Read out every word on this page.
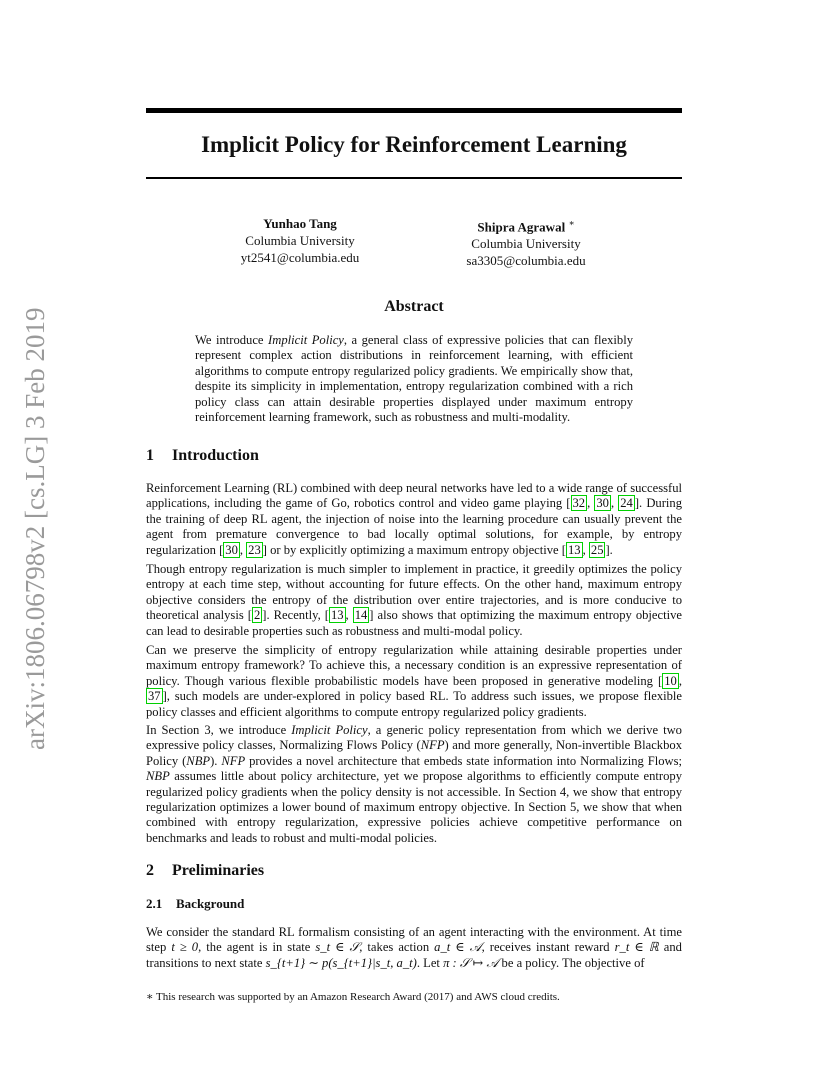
arXiv:1806.06798v2 [cs.LG] 3 Feb 2019
Implicit Policy for Reinforcement Learning
Yunhao Tang
Columbia University
yt2541@columbia.edu
Shipra Agrawal ∗
Columbia University
sa3305@columbia.edu
Abstract

We introduce Implicit Policy, a general class of expressive policies that can flexibly represent complex action distributions in reinforcement learning, with efficient algorithms to compute entropy regularized policy gradients. We empirically show that, despite its simplicity in implementation, entropy regularization combined with a rich policy class can attain desirable properties displayed under maximum entropy reinforcement learning framework, such as robustness and multi-modality.

1 Introduction

Reinforcement Learning (RL) combined with deep neural networks have led to a wide range of successful applications, including the game of Go, robotics control and video game playing [ 32 , 30 , 24 ]. During the training of deep RL agent, the injection of noise into the learning procedure can usually prevent the agent from premature convergence to bad locally optimal solutions, for example, by entropy regularization [ 30 , 23 ] or by explicitly optimizing a maximum entropy objective [ 13 , 25 ].

Though entropy regularization is much simpler to implement in practice, it greedily optimizes the policy entropy at each time step, without accounting for future effects. On the other hand, maximum entropy objective considers the entropy of the distribution over entire trajectories, and is more conducive to theoretical analysis [ 2 ]. Recently, [ 13 , 14 ] also shows that optimizing the maximum entropy objective can lead to desirable properties such as robustness and multi-modal policy.

Can we preserve the simplicity of entropy regularization while attaining desirable properties under maximum entropy framework? To achieve this, a necessary condition is an expressive representation of policy. Though various flexible probabilistic models have been proposed in generative modeling [ 10 , 37 ], such models are under-explored in policy based RL. To address such issues, we propose flexible policy classes and efficient algorithms to compute entropy regularized policy gradients.

In Section 3, we introduce Implicit Policy, a generic policy representation from which we derive two expressive policy classes, Normalizing Flows Policy (NFP) and more generally, Non-invertible Blackbox Policy (NBP). NFP provides a novel architecture that embeds state information into Normalizing Flows; NBP assumes little about policy architecture, yet we propose algorithms to efficiently compute entropy regularized policy gradients when the policy density is not accessible. In Section 4, we show that entropy regularization optimizes a lower bound of maximum entropy objective. In Section 5, we show that when combined with entropy regularization, expressive policies achieve competitive performance on benchmarks and leads to robust and multi-modal policies.

2 Preliminaries
2.1 Background

We consider the standard RL formalism consisting of an agent interacting with the environment. At time step t ≥ 0, the agent is in state s_t ∈ 𝒮, takes action a_t ∈ 𝒜, receives instant reward r_t ∈ ℝ and transitions to next state s_{t+1} ∼ p(s_{t+1}|s_t, a_t). Let π : 𝒮 ↦ 𝒜 be a policy. The objective of

∗ This research was supported by an Amazon Research Award (2017) and AWS cloud credits.
